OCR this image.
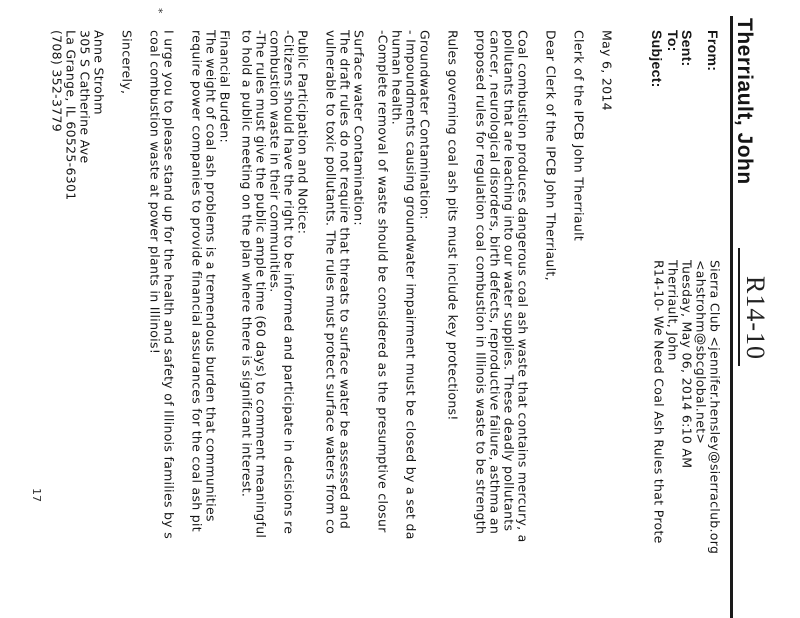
R14-10
Therriault, John
From:
Sent:
To:
Subject:
Sierra Club <jennifer.hensley@sierraclub.org
<ahstrohm@sbcglobal.net>
Tuesday, May 06, 2014 6:10 AM
Therriault, John
R14-10- We Need Coal Ash Rules that Prote
May 6, 2014
Clerk of the IPCB John Therriault
Dear Clerk of the IPCB John Therriault,
Coal combustion produces dangerous coal ash waste that contains mercury, a
pollutants that are leaching into our water supplies. These deadly pollutants
cancer, neurological disorders, birth defects, reproductive failure, asthma an
proposed rules for regulation coal combustion in Illinois waste to be strength
Rules governing coal ash pits must include key protections!
Groundwater Contamination:
- Impoundments causing groundwater impairment must be closed by a set da
human health.
-Complete removal of waste should be considered as the presumptive closur
Surface water Contamination:
The draft rules do not require that threats to surface water be assessed and
vulnerable to toxic pollutants. The rules must protect surface waters from co
Public Participation and Notice:
-Citizens should have the right to be informed and participate in decisions re
combustion waste in their communities.
-The rules must give the public ample time (60 days) to comment meaningful
to hold a public meeting on the plan where there is significant interest.
Financial Burden:
The weight of coal ash problems is a tremendous burden that communities
require power companies to provide financial assurances for the coal ash pit
I urge you to please stand up for the health and safety of Illinois families by s
coal combustion waste at power plants in Illinois!
Sincerely,
Anne Strohm
305 S Catherine Ave
La Grange, IL 60525-6301
(708) 352-3779
17
*
